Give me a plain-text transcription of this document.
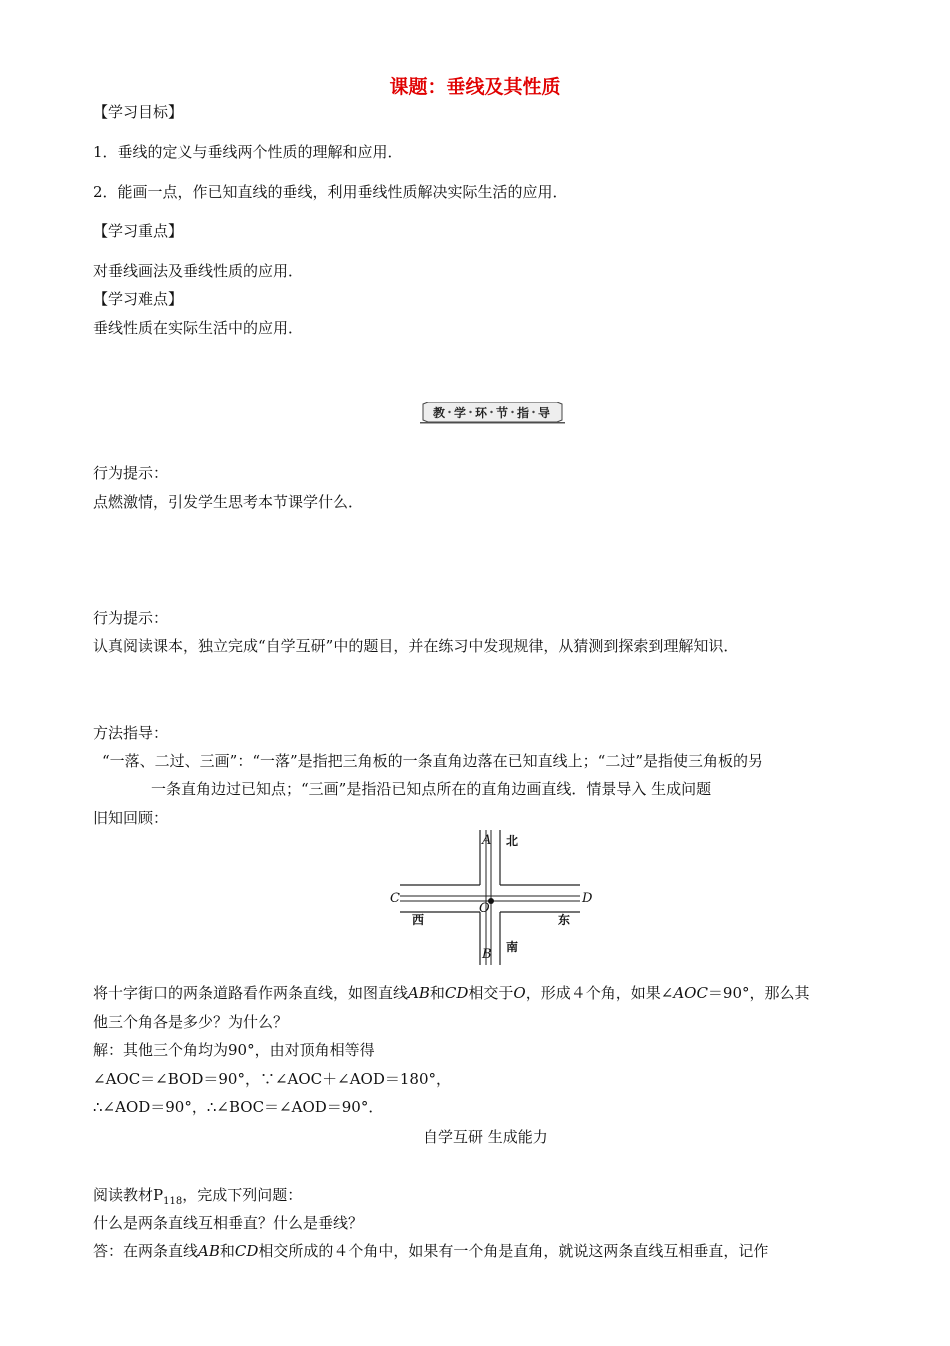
课题：垂线及其性质
【学习目标】
1．垂线的定义与垂线两个性质的理解和应用．
2．能画一点，作已知直线的垂线，利用垂线性质解决实际生活的应用．
【学习重点】
对垂线画法及垂线性质的应用．
【学习难点】
垂线性质在实际生活中的应用．
教 学 环 节 指 导
行为提示：
点燃激情，引发学生思考本节课学什么．
行为提示：
认真阅读课本，独立完成“自学互研”中的题目，并在练习中发现规律，从猜测到探索到理解知识．
方法指导：
“一落、二过、三画”：“一落”是指把三角板的一条直角边落在已知直线上；“二过”是指使三角板的另
一条直角边过已知点；“三画”是指沿已知点所在的直角边画直线．情景导入 生成问题
旧知回顾：
A
B
C	D
O
北
南
西	东
将十字街口的两条道路看作两条直线，如图直线AB和CD相交于O，形成４个角，如果∠AOC＝90°，那么其
他三个角各是多少？为什么？
解：其他三个角均为90°，由对顶角相等得
∠AOC＝∠BOD＝90°，∵∠AOC＋∠AOD＝180°，
∴∠AOD＝90°，∴∠BOC＝∠AOD＝90°．
自学互研 生成能力
阅读教材$P_{118}$，完成下列问题：
什么是两条直线互相垂直？什么是垂线？
答：在两条直线AB和CD相交所成的４个角中，如果有一个角是直角，就说这两条直线互相垂直，记作
